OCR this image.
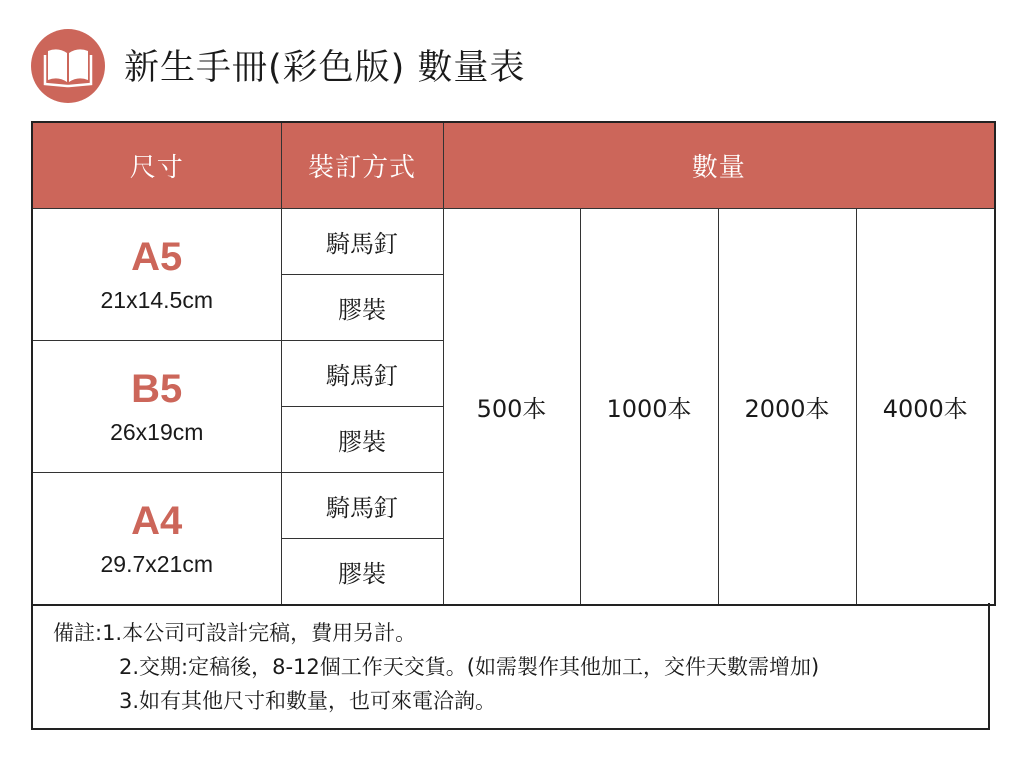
新生手冊(彩色版) 數量表
尺寸	裝訂方式	數量			

A5
21x14.5cm	騎馬釘	500本	1000本	2000本	4000本
	膠裝				

B5
26x19cm	騎馬釘				
	膠裝				

A4
29.7x21cm	騎馬釘				
	膠裝				
備註:1.本公司可設計完稿，費用另計。
2.交期:定稿後，8-12個工作天交貨。(如需製作其他加工，交件天數需增加)
3.如有其他尺寸和數量，也可來電洽詢。
